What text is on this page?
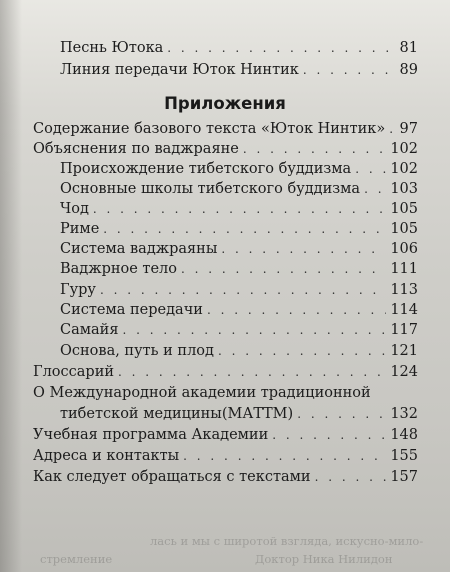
Песнь Ютока . . .	81
Линия передачи Юток Нинтик . . .	89
Приложения
Содержание базового текста «Юток Нинтик» . . . 97
Объяснения по ваджраяне . . .	102
Происхождение тибетского буддизма . . .	102
Основные школы тибетского буддизма . . . 103
Чод . . .	105
Риме . . .	105
Система ваджраяны . . .	106
Ваджрное тело . . .	111
Гуру . . .	113
Система передачи . . .	114
Самайя . . .	117
Основа, путь и плод . . .	121
Глоссарий . . .	124
О Международной академии традиционной
тибетской медицины(МАТТМ) . . .	132
Учебная программа Академии . . .	148
Адреса и контакты . . .	155
Как следует обращаться с текстами . . .	157
лась и мы с широтой взгляда, искусно-мило-
Доктор Ника Нилидон
стремление
